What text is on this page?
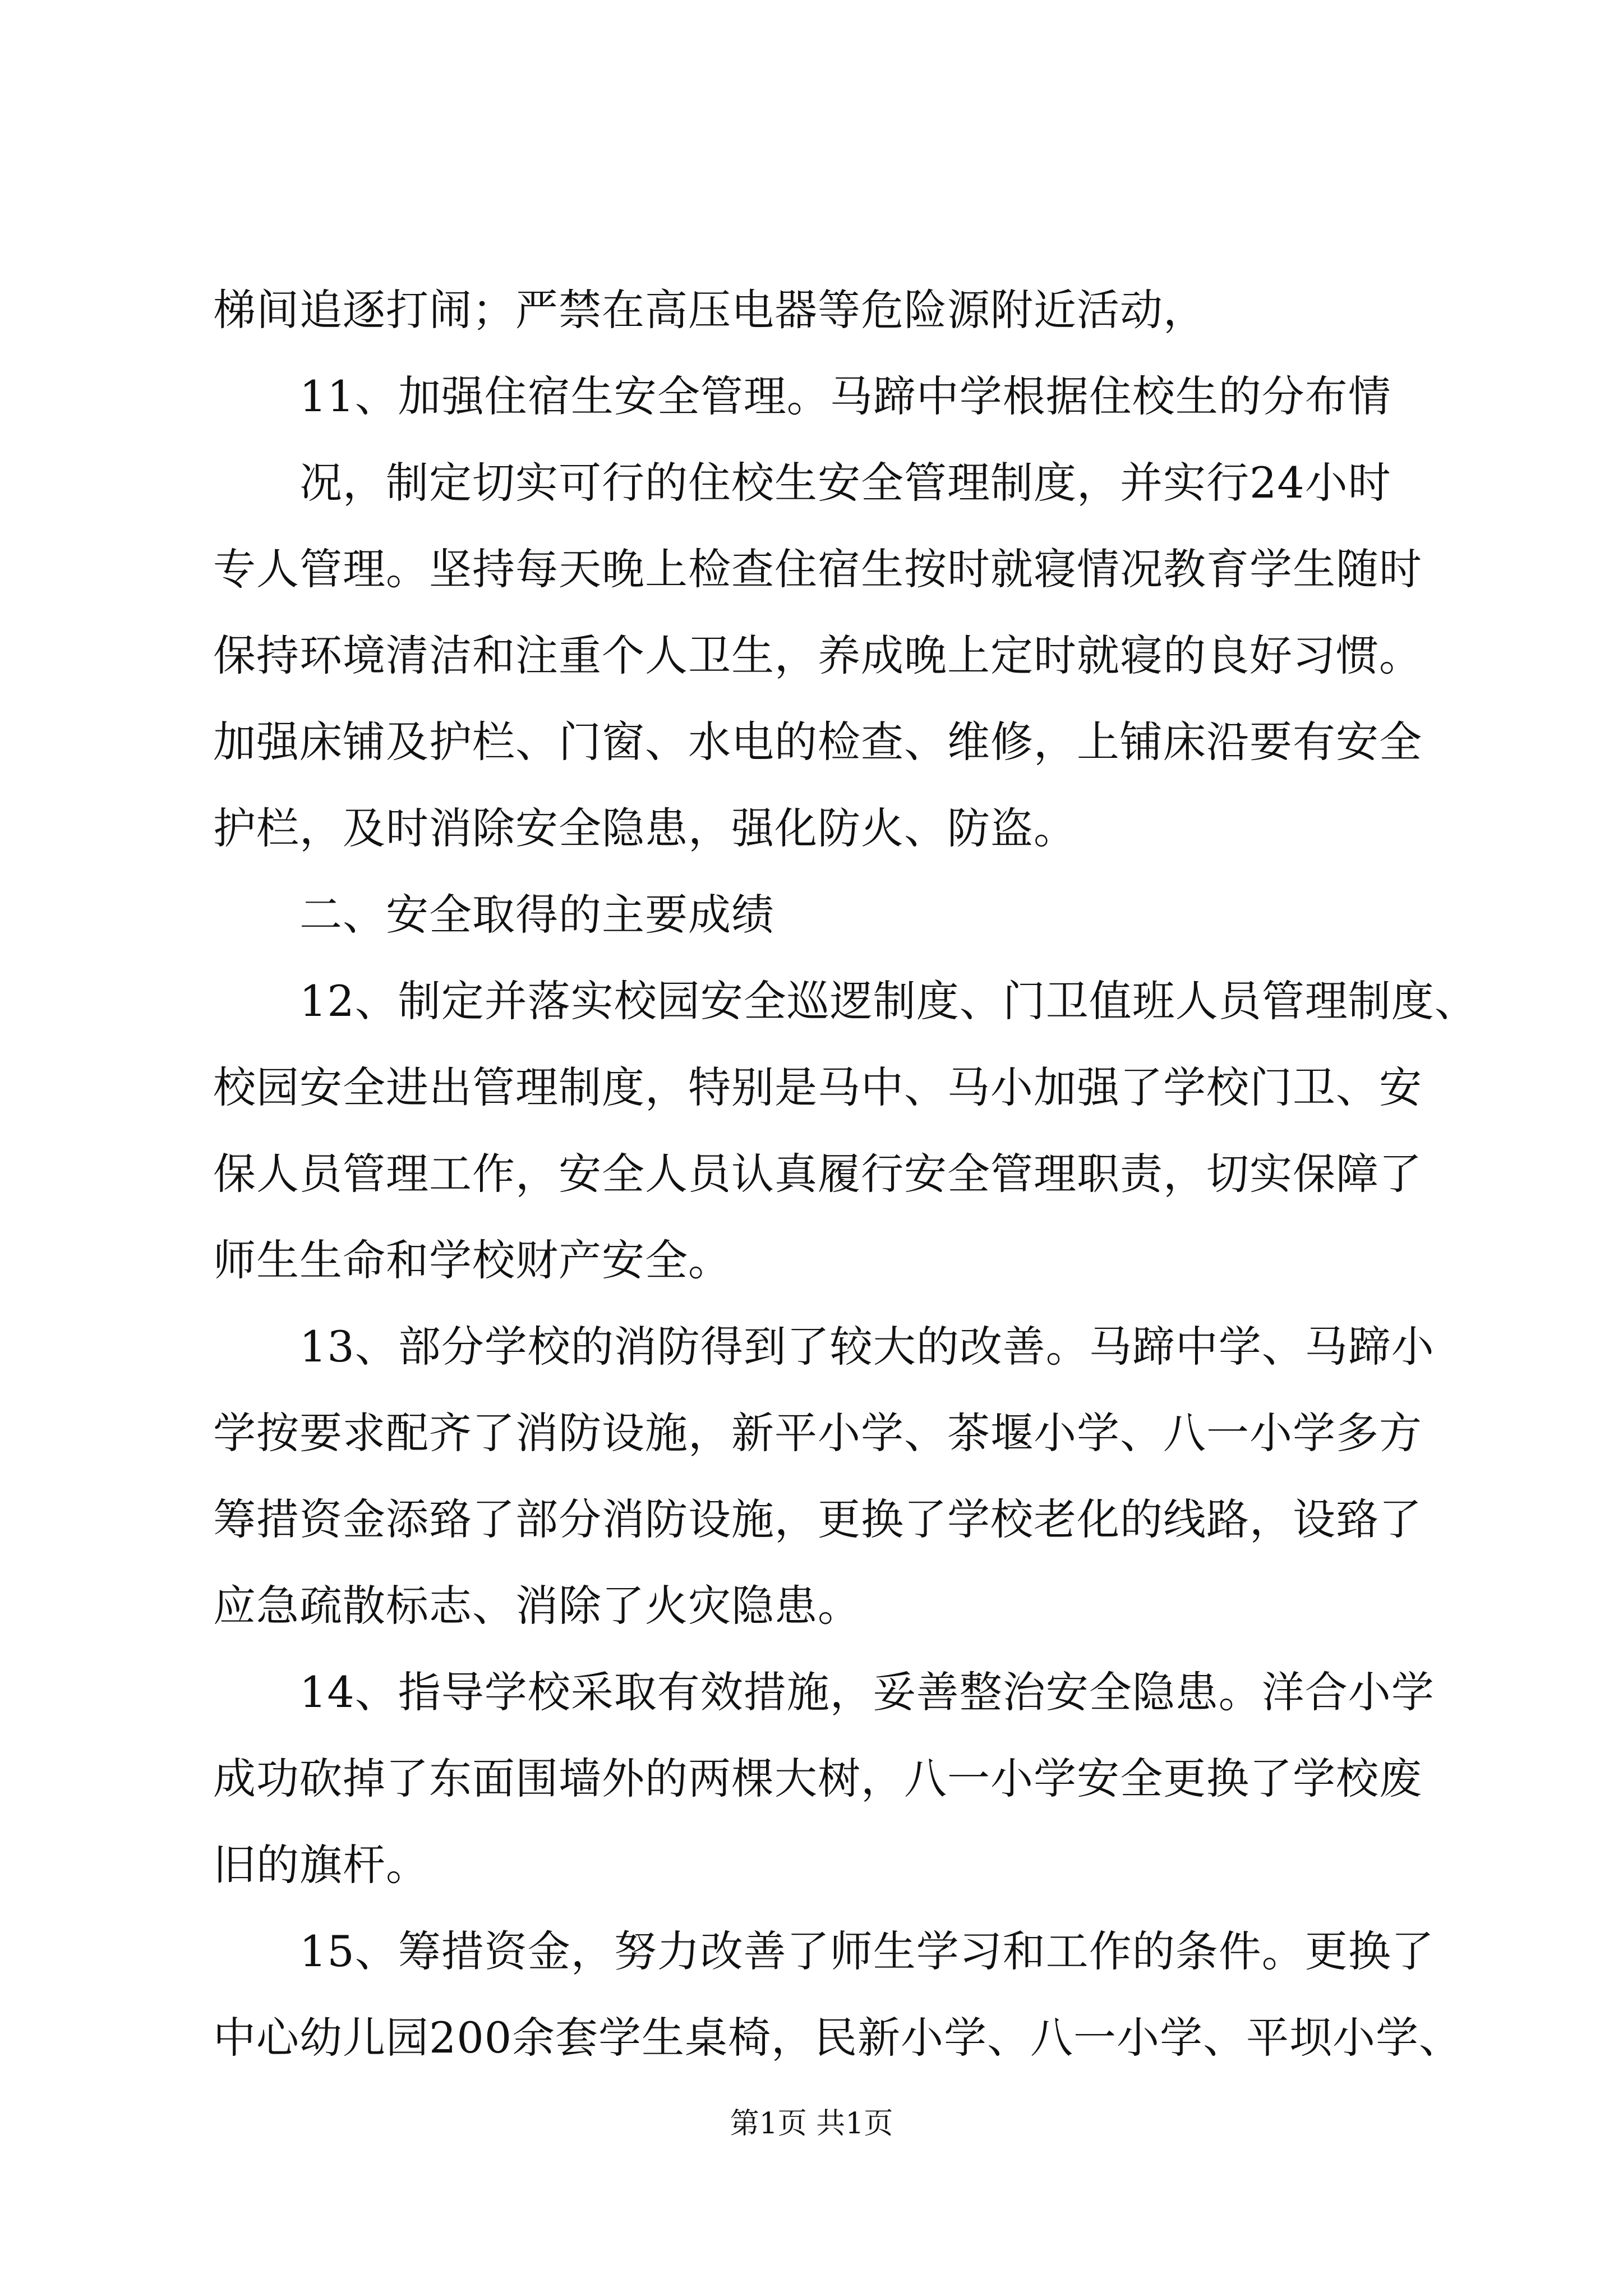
梯间追逐打闹；严禁在高压电器等危险源附近活动，
　　11、加强住宿生安全管理。马蹄中学根据住校生的分布情
　　况，制定切实可行的住校生安全管理制度，并实行24小时
专人管理。坚持每天晚上检查住宿生按时就寝情况教育学生随时
保持环境清洁和注重个人卫生，养成晚上定时就寝的良好习惯。
加强床铺及护栏、门窗、水电的检查、维修，上铺床沿要有安全
护栏，及时消除安全隐患，强化防火、防盗。
　　二、安全取得的主要成绩
　　12、制定并落实校园安全巡逻制度、门卫值班人员管理制度、
校园安全进出管理制度，特别是马中、马小加强了学校门卫、安
保人员管理工作，安全人员认真履行安全管理职责，切实保障了
师生生命和学校财产安全。
　　13、部分学校的消防得到了较大的改善。马蹄中学、马蹄小
学按要求配齐了消防设施，新平小学、茶堰小学、八一小学多方
筹措资金添臵了部分消防设施，更换了学校老化的线路，设臵了
应急疏散标志、消除了火灾隐患。
　　14、指导学校采取有效措施，妥善整治安全隐患。洋合小学
成功砍掉了东面围墙外的两棵大树，八一小学安全更换了学校废
旧的旗杆。
　　15、筹措资金，努力改善了师生学习和工作的条件。更换了
中心幼儿园200余套学生桌椅，民新小学、八一小学、平坝小学、
第1页 共1页
